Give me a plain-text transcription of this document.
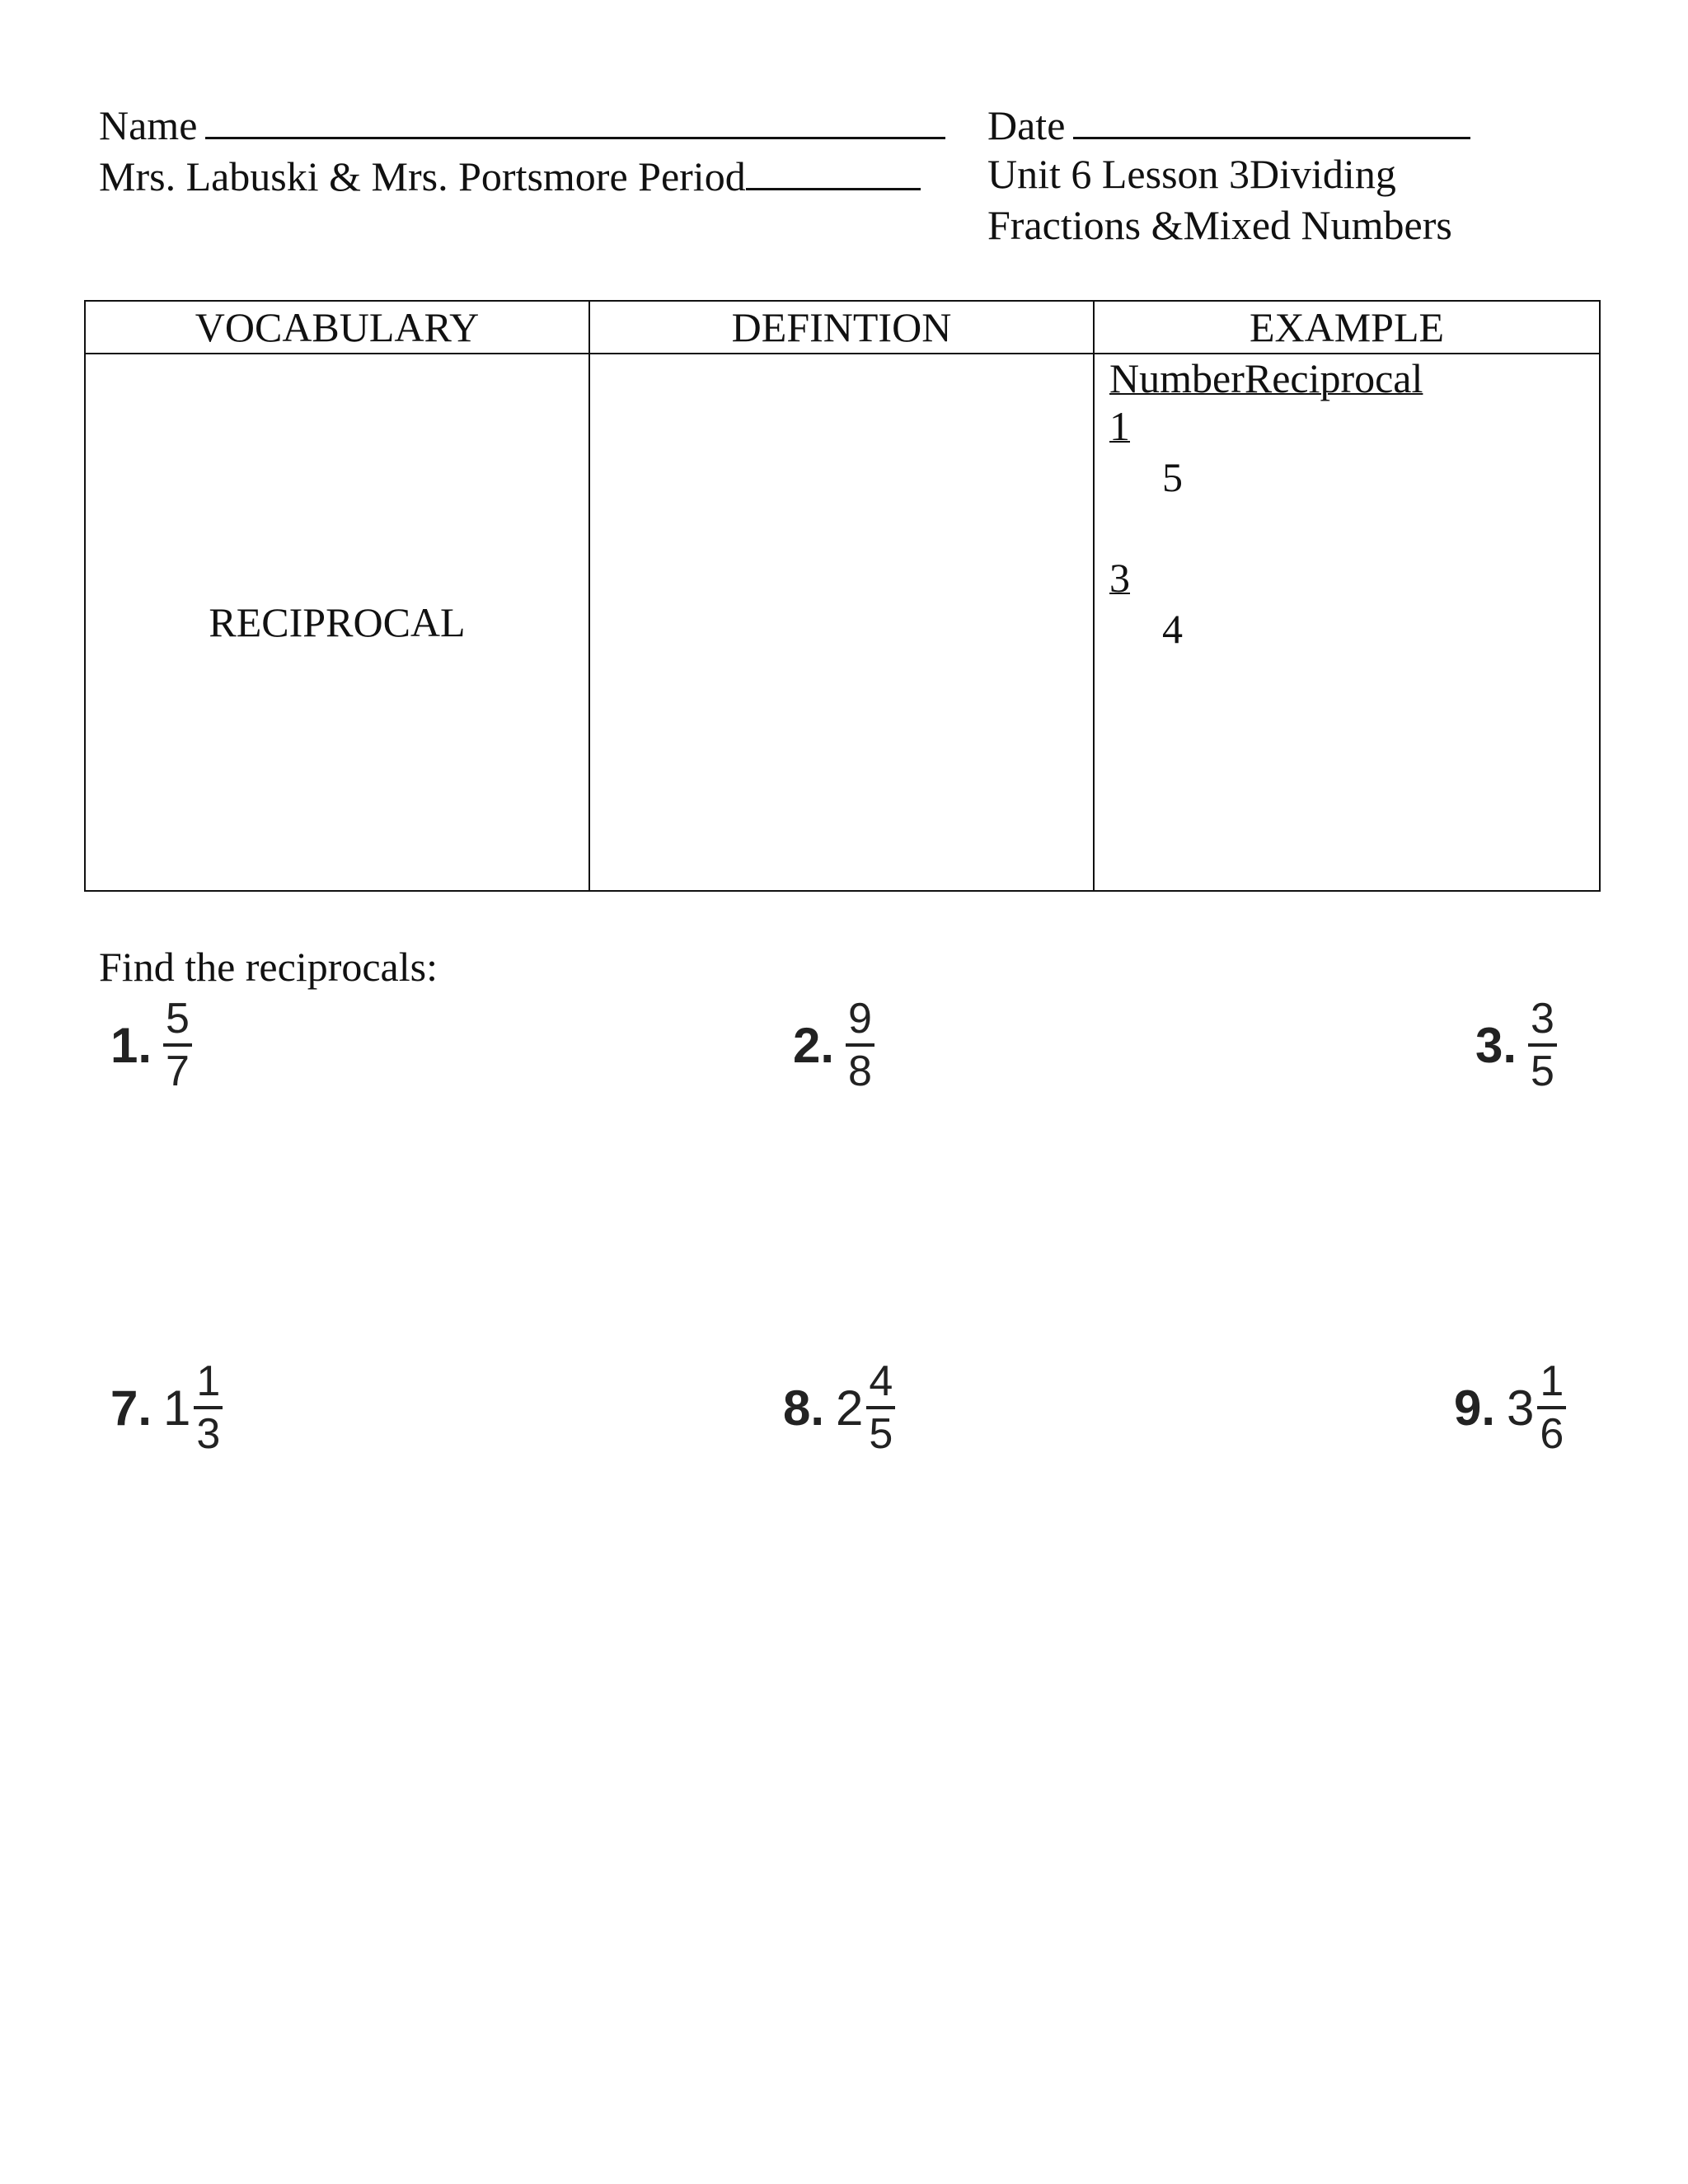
Name
Mrs. Labuski & Mrs. Portsmore Period
Date
Unit 6 Lesson 3Dividing
Fractions &Mixed Numbers
VOCABULARY	DEFINTION	EXAMPLE
RECIPROCAL		NumberReciprocal
1
5
3
4
Find the reciprocals:
1. $\frac{5}{7}$	2. $\frac{9}{8}$	3. $\frac{3}{5}$
7. $1 \frac{1}{3}$	8. $2 \frac{4}{5}$	9. $3 \frac{1}{6}$
